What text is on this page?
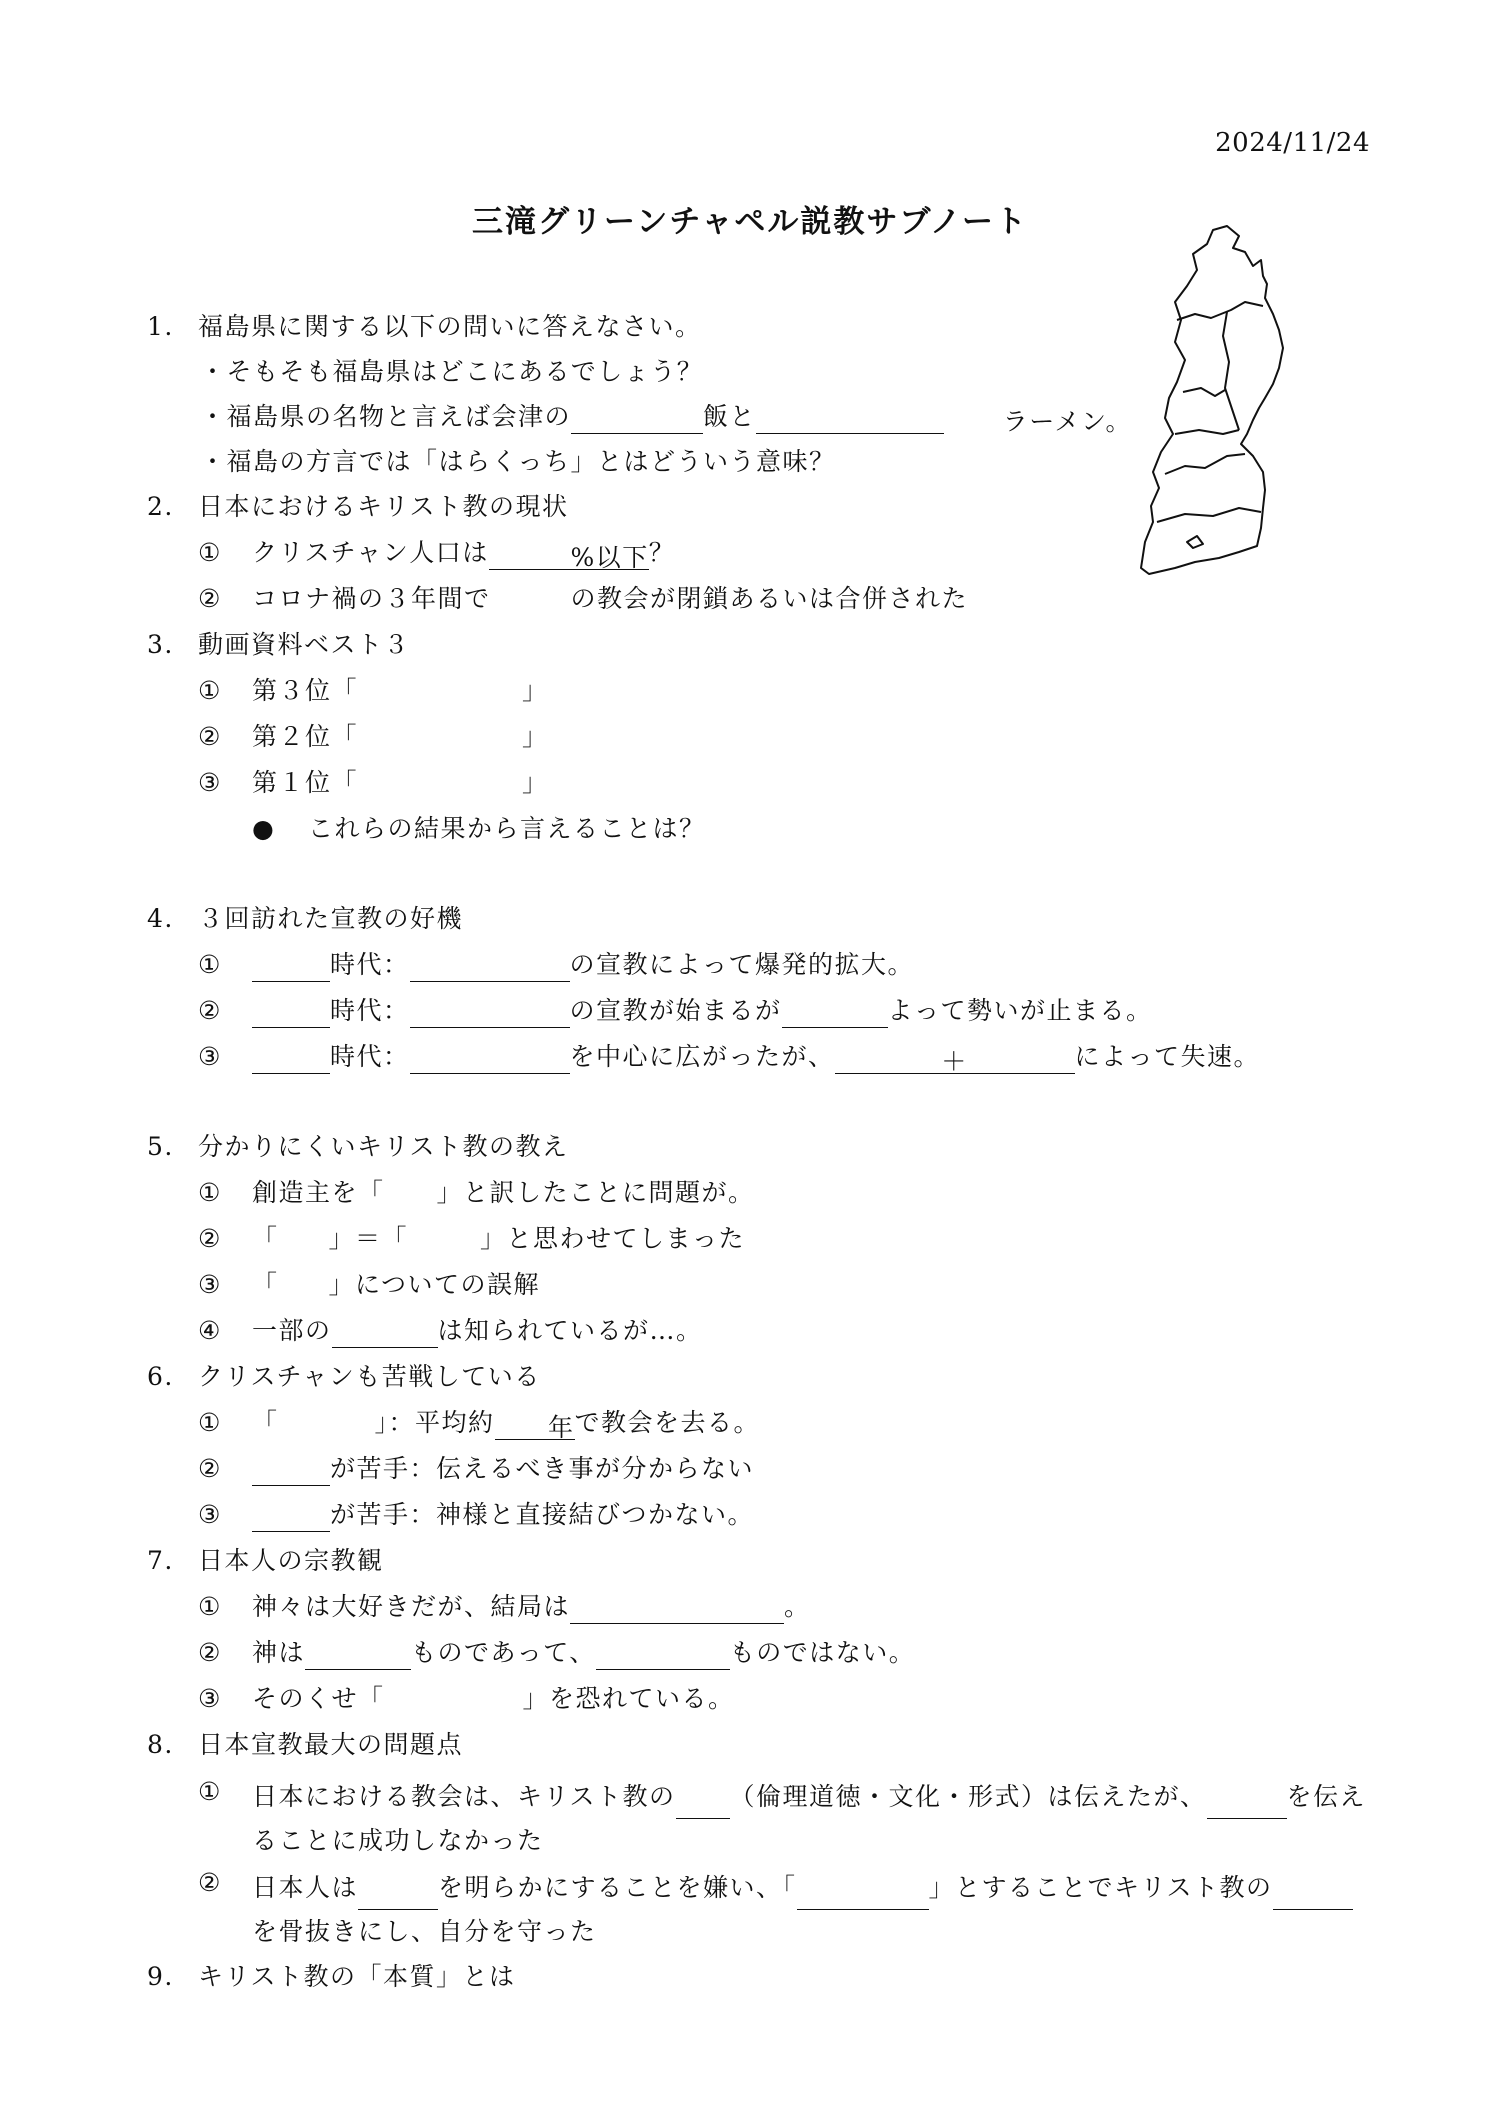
2024/11/24
三滝グリーンチャペル説教サブノート
1. 福島県に関する以下の問いに答えなさい。
・そもそも福島県はどこにあるでしょう？
・福島県の名物と言えば会津の	飯と	ラーメン。
・福島の方言では「はらくっち」とはどういう意味？
2. 日本におけるキリスト教の現状
① クリスチャン人口は	%以下？
② コロナ禍の３年間で	の教会が閉鎖あるいは合併された
3. 動画資料ベスト３
① 第３位「	」
② 第２位「	」
③ 第１位「	」
● これらの結果から言えることは？
4. ３回訪れた宣教の好機
①	時代：	の宣教によって爆発的拡大。
②	時代：	の宣教が始まるが	よって勢いが止まる。
③	時代：	を中心に広がったが、	＋	によって失速。
5. 分かりにくいキリスト教の教え
① 創造主を「 」と訳したことに問題が。
② 「 」＝「	」と思わせてしまった
③ 「 」についての誤解
④ 一部の	は知られているが…。
6. クリスチャンも苦戦している
① 「	」：平均約 年で教会を去る。
②	が苦手：伝えるべき事が分からない
③	が苦手：神様と直接結びつかない。
7. 日本人の宗教観
① 神々は大好きだが、結局は	。
② 神は	ものであって、	ものではない。
③ そのくせ「	」を恐れている。
8. 日本宣教最大の問題点
① 日本における教会は、キリスト教の （倫理道徳・文化・形式）は伝えたが、	を伝えることに成功しなかった
② 日本人は	を明らかにすることを嫌い、「	」とすることでキリスト教のを骨抜きにし、自分を守った
9. キリスト教の「本質」とは
